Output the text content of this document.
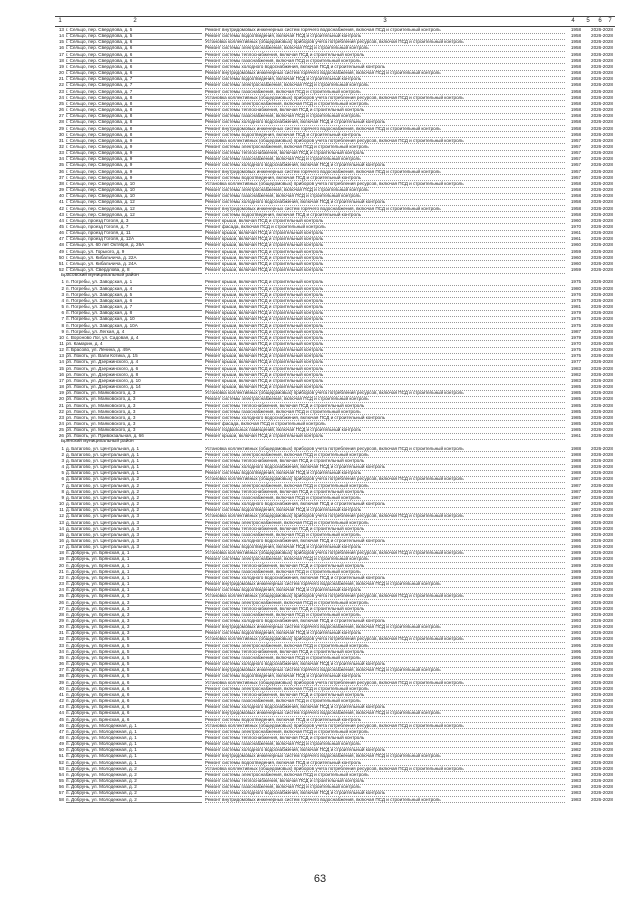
1	2	3	4	5	6	7
13 г. Сельцо, пер. Свердлова, д. 5	Ремонт внутридомовых инженерных систем горячего водоснабжения, включая ПСД и строительный контроль	1958	2026-2028
14 г. Сельцо, пер. Свердлова, д. 5	Ремонт системы водоотведения, включая ПСД и строительный контроль	1958	2026-2028
15 г. Сельцо, пер. Свердлова, д. 6	Установка коллективных (общедомовых) приборов учета потребления ресурсов, включая ПСД и строительный контроль	1958	2026-2028
16 г. Сельцо, пер. Свердлова, д. 6	Ремонт системы электроснабжения, включая ПСД и строительный контроль	1958	2026-2028
17 г. Сельцо, пер. Свердлова, д. 6	Ремонт системы теплоснабжения, включая ПСД и строительный контроль	1958	2026-2028
18 г. Сельцо, пер. Свердлова, д. 6	Ремонт системы газоснабжения, включая ПСД и строительный контроль	1958	2026-2028
19 г. Сельцо, пер. Свердлова, д. 6	Ремонт системы холодного водоснабжения, включая ПСД и строительный контроль	1958	2026-2028
20 г. Сельцо, пер. Свердлова, д. 6	Ремонт внутридомовых инженерных систем горячего водоснабжения, включая ПСД и строительный контроль	1958	2026-2028
21 г. Сельцо, пер. Свердлова, д. 7	Ремонт системы водоотведения, включая ПСД и строительный контроль	1958	2026-2028
22 г. Сельцо, пер. Свердлова, д. 7	Ремонт системы электроснабжения, включая ПСД и строительный контроль	1958	2026-2028
23 г. Сельцо, пер. Свердлова, д. 7	Ремонт системы газоснабжения, включая ПСД и строительный контроль	1958	2026-2028
24 г. Сельцо, пер. Свердлова, д. 8	Установка коллективных (общедомовых) приборов учета потребления ресурсов, включая ПСД и строительный контроль	1958	2026-2028
25 г. Сельцо, пер. Свердлова, д. 8	Ремонт системы электроснабжения, включая ПСД и строительный контроль	1958	2026-2028
26 г. Сельцо, пер. Свердлова, д. 8	Ремонт системы теплоснабжения, включая ПСД и строительный контроль	1958	2026-2028
27 г. Сельцо, пер. Свердлова, д. 8	Ремонт системы газоснабжения, включая ПСД и строительный контроль	1958	2026-2028
28 г. Сельцо, пер. Свердлова, д. 8	Ремонт системы холодного водоснабжения, включая ПСД и строительный контроль	1958	2026-2028
29 г. Сельцо, пер. Свердлова, д. 8	Ремонт внутридомовых инженерных систем горячего водоснабжения, включая ПСД и строительный контроль	1958	2026-2028
30 г. Сельцо, пер. Свердлова, д. 8	Ремонт системы водоотведения, включая ПСД и строительный контроль	1958	2026-2028
31 г. Сельцо, пер. Свердлова, д. 9	Установка коллективных (общедомовых) приборов учета потребления ресурсов, включая ПСД и строительный контроль	1957	2026-2028
32 г. Сельцо, пер. Свердлова, д. 9	Ремонт системы электроснабжения, включая ПСД и строительный контроль	1957	2026-2028
33 г. Сельцо, пер. Свердлова, д. 9	Ремонт системы теплоснабжения, включая ПСД и строительный контроль	1957	2026-2028
34 г. Сельцо, пер. Свердлова, д. 9	Ремонт системы газоснабжения, включая ПСД и строительный контроль	1957	2026-2028
35 г. Сельцо, пер. Свердлова, д. 9	Ремонт системы холодного водоснабжения, включая ПСД и строительный контроль	1957	2026-2028
36 г. Сельцо, пер. Свердлова, д. 9	Ремонт внутридомовых инженерных систем горячего водоснабжения, включая ПСД и строительный контроль	1957	2026-2028
37 г. Сельцо, пер. Свердлова, д. 9	Ремонт системы водоотведения, включая ПСД и строительный контроль	1957	2026-2028
38 г. Сельцо, пер. Свердлова, д. 10	Установка коллективных (общедомовых) приборов учета потребления ресурсов, включая ПСД и строительный контроль	1958	2026-2028
39 г. Сельцо, пер. Свердлова, д. 10	Ремонт системы электроснабжения, включая ПСД и строительный контроль	1958	2026-2028
40 г. Сельцо, пер. Свердлова, д. 10	Ремонт системы газоснабжения, включая ПСД и строительный контроль	1958	2026-2028
41 г. Сельцо, пер. Свердлова, д. 12	Ремонт системы холодного водоснабжения, включая ПСД и строительный контроль	1958	2026-2028
42 г. Сельцо, пер. Свердлова, д. 12	Ремонт внутридомовых инженерных систем горячего водоснабжения, включая ПСД и строительный контроль	1958	2026-2028
43 г. Сельцо, пер. Свердлова, д. 12	Ремонт системы водоотведения, включая ПСД и строительный контроль	1958	2026-2028
44 г. Сельцо, проезд Гоголя, д. 3	Ремонт крыши, включая ПСД и строительный контроль	1960	2026-2028
45 г. Сельцо, проезд Гоголя, д. 7	Ремонт фасада, включая ПСД и строительный контроль	1970	2026-2028
46 г. Сельцо, проезд Гоголя, д. 11	Ремонт крыши, включая ПСД и строительный контроль	1961	2026-2028
47 г. Сельцо, проезд Гоголя, д. 12А	Ремонт крыши, включая ПСД и строительный контроль	1961	2026-2028
48 г. Сельцо, ул. 60 лет Октября, д. 26А	Ремонт крыши, включая ПСД и строительный контроль	1960	2026-2028
49 г. Сельцо, ул. Горького, д. 9	Ремонт крыши, включая ПСД и строительный контроль	1959	2026-2028
50 г. Сельцо, ул. Кибальчича, д. 22А	Ремонт крыши, включая ПСД и строительный контроль	1960	2026-2028
51 г. Сельцо, ул. Кибальчича, д. 24А	Ремонт крыши, включая ПСД и строительный контроль	1960	2026-2028
52 г. Сельцо, ул. Свердлова, д. 8	Ремонт крыши, включая ПСД и строительный контроль	1959	2026-2028
Брасовский муниципальный район
1 п. Погребы, ул. Заводская, д. 1	Ремонт крыши, включая ПСД и строительный контроль	1975	2026-2028
2 п. Погребы, ул. Заводская, д. 4	Ремонт крыши, включая ПСД и строительный контроль	1980	2026-2028
3 п. Погребы, ул. Заводская, д. 5	Ремонт крыши, включая ПСД и строительный контроль	1976	2026-2028
4 п. Погребы, ул. Заводская, д. 6	Ремонт крыши, включая ПСД и строительный контроль	1975	2026-2028
5 п. Погребы, ул. Заводская, д. 7	Ремонт крыши, включая ПСД и строительный контроль	1981	2026-2028
6 п. Погребы, ул. Заводская, д. 8	Ремонт крыши, включая ПСД и строительный контроль	1979	2026-2028
7 п. Погребы, ул. Заводская, д. 10	Ремонт крыши, включая ПСД и строительный контроль	1975	2026-2028
8 п. Погребы, ул. Заводская, д. 10А	Ремонт крыши, включая ПСД и строительный контроль	1975	2026-2028
9 п. Погребы, ул. Легкая, д. 4	Ремонт крыши, включая ПСД и строительный контроль	1987	2026-2028
10 с. Вороново Лог, ул. Садовая, д. 4	Ремонт крыши, включая ПСД и строительный контроль	1979	2026-2028
11 рп. Камарин, д. 4	Ремонт крыши, включая ПСД и строительный контроль	1970	2026-2028
12 п. Брасово, ул. Ленина, д. 49А	Ремонт крыши, включая ПСД и строительный контроль	1975	2026-2028
13 рп. Локоть, ул. Вали Котика, д. 15	Ремонт крыши, включая ПСД и строительный контроль	1975	2026-2028
14 рп. Локоть, ул. Дзержинского, д. 4	Ремонт крыши, включая ПСД и строительный контроль	1977	2026-2028
15 рп. Локоть, ул. Дзержинского, д. 6	Ремонт крыши, включая ПСД и строительный контроль	1983	2026-2028
16 рп. Локоть, ул. Дзержинского, д. 8	Ремонт крыши, включая ПСД и строительный контроль	1982	2026-2028
17 рп. Локоть, ул. Дзержинского, д. 10	Ремонт крыши, включая ПСД и строительный контроль	1983	2026-2028
18 рп. Локоть, ул. Дзержинского, д. 14	Ремонт крыши, включая ПСД и строительный контроль	1985	2026-2028
19 рп. Локоть, ул. Маяковского, д. 3	Установка коллективных (общедомовых) приборов учета потребления ресурсов, включая ПСД и строительный контроль	1985	2026-2028
20 рп. Локоть, ул. Маяковского, д. 3	Ремонт системы электроснабжения, включая ПСД и строительный контроль	1985	2026-2028
21 рп. Локоть, ул. Маяковского, д. 3	Ремонт системы теплоснабжения, включая ПСД и строительный контроль	1985	2026-2028
22 рп. Локоть, ул. Маяковского, д. 3	Ремонт системы газоснабжения, включая ПСД и строительный контроль	1985	2026-2028
23 рп. Локоть, ул. Маяковского, д. 3	Ремонт системы холодного водоснабжения, включая ПСД и строительный контроль	1985	2026-2028
24 рп. Локоть, ул. Маяковского, д. 3	Ремонт фасада, включая ПСД и строительный контроль	1985	2026-2028
25 рп. Локоть, ул. Маяковского, д. 3	Ремонт подвальных помещений, включая ПСД и строительный контроль	1985	2026-2028
26 рп. Локоть, ул. Привокзальная, д. 66	Ремонт крыши, включая ПСД и строительный контроль	1961	2026-2028
Брянский муниципальный район
1 д. Батагово, ул. Центральная, д. 1	Установка коллективных (общедомовых) приборов учета потребления ресурсов, включая ПСД и строительный контроль	1988	2026-2028
2 д. Батагово, ул. Центральная, д. 1	Ремонт системы электроснабжения, включая ПСД и строительный контроль	1988	2026-2028
3 д. Батагово, ул. Центральная, д. 1	Ремонт системы теплоснабжения, включая ПСД и строительный контроль	1988	2026-2028
4 д. Батагово, ул. Центральная, д. 1	Ремонт системы холодного водоснабжения, включая ПСД и строительный контроль	1988	2026-2028
5 д. Батагово, ул. Центральная, д. 1	Ремонт системы водоотведения, включая ПСД и строительный контроль	1988	2026-2028
6 д. Батагово, ул. Центральная, д. 2	Установка коллективных (общедомовых) приборов учета потребления ресурсов, включая ПСД и строительный контроль	1987	2026-2028
7 д. Батагово, ул. Центральная, д. 2	Ремонт системы электроснабжения, включая ПСД и строительный контроль	1987	2026-2028
8 д. Батагово, ул. Центральная, д. 2	Ремонт системы теплоснабжения, включая ПСД и строительный контроль	1987	2026-2028
9 д. Батагово, ул. Центральная, д. 2	Ремонт системы газоснабжения, включая ПСД и строительный контроль	1987	2026-2028
10 д. Батагово, ул. Центральная, д. 2	Ремонт системы холодного водоснабжения, включая ПСД и строительный контроль	1987	2026-2028
11 д. Батагово, ул. Центральная, д. 2	Ремонт системы водоотведения, включая ПСД и строительный контроль	1987	2026-2028
12 д. Батагово, ул. Центральная, д. 3	Установка коллективных (общедомовых) приборов учета потребления ресурсов, включая ПСД и строительный контроль	1986	2026-2028
13 д. Батагово, ул. Центральная, д. 3	Ремонт системы электроснабжения, включая ПСД и строительный контроль	1986	2026-2028
14 д. Батагово, ул. Центральная, д. 3	Ремонт системы теплоснабжения, включая ПСД и строительный контроль	1986	2026-2028
15 д. Батагово, ул. Центральная, д. 3	Ремонт системы газоснабжения, включая ПСД и строительный контроль	1986	2026-2028
16 д. Батагово, ул. Центральная, д. 3	Ремонт системы холодного водоснабжения, включая ПСД и строительный контроль	1986	2026-2028
17 д. Батагово, ул. Центральная, д. 3	Ремонт системы водоотведения, включая ПСД и строительный контроль	1986	2026-2028
18 п. Добрунь, ул. Брянская, д. 1	Установка коллективных (общедомовых) приборов учета потребления ресурсов, включая ПСД и строительный контроль	1989	2026-2028
19 п. Добрунь, ул. Брянская, д. 1	Ремонт системы электроснабжения, включая ПСД и строительный контроль	1989	2026-2028
20 п. Добрунь, ул. Брянская, д. 1	Ремонт системы теплоснабжения, включая ПСД и строительный контроль	1989	2026-2028
21 п. Добрунь, ул. Брянская, д. 1	Ремонт системы газоснабжения, включая ПСД и строительный контроль	1989	2026-2028
22 п. Добрунь, ул. Брянская, д. 1	Ремонт системы холодного водоснабжения, включая ПСД и строительный контроль	1989	2026-2028
23 п. Добрунь, ул. Брянская, д. 1	Ремонт внутридомовых инженерных систем горячего водоснабжения, включая ПСД и строительный контроль	1989	2026-2028
24 п. Добрунь, ул. Брянская, д. 1	Ремонт системы водоотведения, включая ПСД и строительный контроль	1989	2026-2028
25 п. Добрунь, ул. Брянская, д. 3	Установка коллективных (общедомовых) приборов учета потребления ресурсов, включая ПСД и строительный контроль	1993	2026-2028
26 п. Добрунь, ул. Брянская, д. 3	Ремонт системы электроснабжения, включая ПСД и строительный контроль	1993	2026-2028
27 п. Добрунь, ул. Брянская, д. 3	Ремонт системы теплоснабжения, включая ПСД и строительный контроль	1993	2026-2028
28 п. Добрунь, ул. Брянская, д. 3	Ремонт системы газоснабжения, включая ПСД и строительный контроль	1993	2026-2028
29 п. Добрунь, ул. Брянская, д. 3	Ремонт системы холодного водоснабжения, включая ПСД и строительный контроль	1993	2026-2028
30 п. Добрунь, ул. Брянская, д. 3	Ремонт внутридомовых инженерных систем горячего водоснабжения, включая ПСД и строительный контроль	1993	2026-2028
31 п. Добрунь, ул. Брянская, д. 3	Ремонт системы водоотведения, включая ПСД и строительный контроль	1993	2026-2028
32 п. Добрунь, ул. Брянская, д. 5	Установка коллективных (общедомовых) приборов учета потребления ресурсов, включая ПСД и строительный контроль	1995	2026-2028
33 п. Добрунь, ул. Брянская, д. 5	Ремонт системы электроснабжения, включая ПСД и строительный контроль	1995	2026-2028
34 п. Добрунь, ул. Брянская, д. 5	Ремонт системы теплоснабжения, включая ПСД и строительный контроль	1995	2026-2028
35 п. Добрунь, ул. Брянская, д. 5	Ремонт системы газоснабжения, включая ПСД и строительный контроль	1995	2026-2028
36 п. Добрунь, ул. Брянская, д. 5	Ремонт системы холодного водоснабжения, включая ПСД и строительный контроль	1995	2026-2028
37 п. Добрунь, ул. Брянская, д. 5	Ремонт внутридомовых инженерных систем горячего водоснабжения, включая ПСД и строительный контроль	1995	2026-2028
38 п. Добрунь, ул. Брянская, д. 5	Ремонт системы водоотведения, включая ПСД и строительный контроль	1995	2026-2028
39 п. Добрунь, ул. Брянская, д. 6	Установка коллективных (общедомовых) приборов учета потребления ресурсов, включая ПСД и строительный контроль	1993	2026-2028
40 п. Добрунь, ул. Брянская, д. 6	Ремонт системы электроснабжения, включая ПСД и строительный контроль	1993	2026-2028
41 п. Добрунь, ул. Брянская, д. 6	Ремонт системы теплоснабжения, включая ПСД и строительный контроль	1993	2026-2028
42 п. Добрунь, ул. Брянская, д. 6	Ремонт системы газоснабжения, включая ПСД и строительный контроль	1993	2026-2028
43 п. Добрунь, ул. Брянская, д. 6	Ремонт системы холодного водоснабжения, включая ПСД и строительный контроль	1993	2026-2028
44 п. Добрунь, ул. Брянская, д. 6	Ремонт внутридомовых инженерных систем горячего водоснабжения, включая ПСД и строительный контроль	1993	2026-2028
45 п. Добрунь, ул. Брянская, д. 6	Ремонт системы водоотведения, включая ПСД и строительный контроль	1993	2026-2028
46 п. Добрунь, ул. Молодежная, д. 1	Установка коллективных (общедомовых) приборов учета потребления ресурсов, включая ПСД и строительный контроль	1982	2026-2028
47 п. Добрунь, ул. Молодежная, д. 1	Ремонт системы электроснабжения, включая ПСД и строительный контроль	1982	2026-2028
48 п. Добрунь, ул. Молодежная, д. 1	Ремонт системы теплоснабжения, включая ПСД и строительный контроль	1982	2026-2028
49 п. Добрунь, ул. Молодежная, д. 1	Ремонт системы газоснабжения, включая ПСД и строительный контроль	1982	2026-2028
50 п. Добрунь, ул. Молодежная, д. 1	Ремонт системы холодного водоснабжения, включая ПСД и строительный контроль	1982	2026-2028
51 п. Добрунь, ул. Молодежная, д. 1	Ремонт внутридомовых инженерных систем горячего водоснабжения, включая ПСД и строительный контроль	1982	2026-2028
52 п. Добрунь, ул. Молодежная, д. 1	Ремонт системы водоотведения, включая ПСД и строительный контроль	1982	2026-2028
53 п. Добрунь, ул. Молодежная, д. 2	Установка коллективных (общедомовых) приборов учета потребления ресурсов, включая ПСД и строительный контроль	1983	2026-2028
54 п. Добрунь, ул. Молодежная, д. 2	Ремонт системы электроснабжения, включая ПСД и строительный контроль	1983	2026-2028
55 п. Добрунь, ул. Молодежная, д. 2	Ремонт системы теплоснабжения, включая ПСД и строительный контроль	1983	2026-2028
56 п. Добрунь, ул. Молодежная, д. 2	Ремонт системы газоснабжения, включая ПСД и строительный контроль	1983	2026-2028
57 п. Добрунь, ул. Молодежная, д. 2	Ремонт системы холодного водоснабжения, включая ПСД и строительный контроль	1983	2026-2028
58 п. Добрунь, ул. Молодежная, д. 2	Ремонт внутридомовых инженерных систем горячего водоснабжения, включая ПСД и строительный контроль	1983	2026-2028
63
